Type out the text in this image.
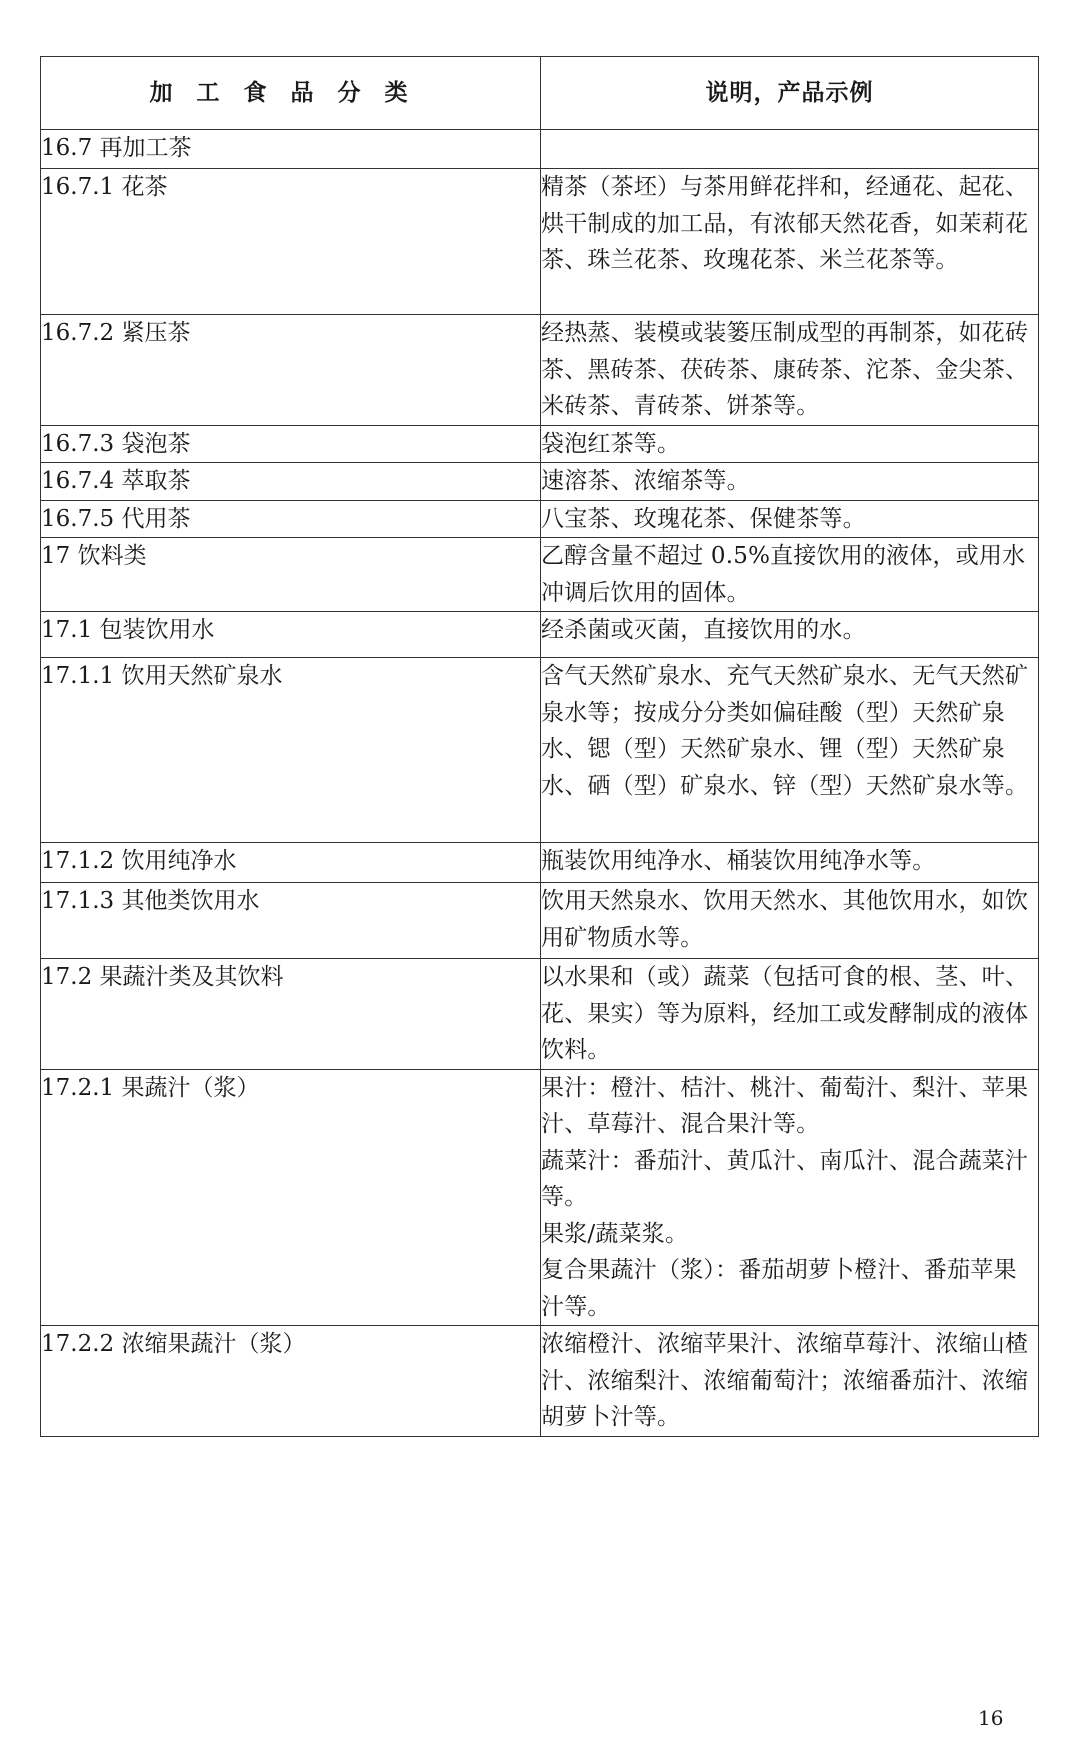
加工食品分类	说明，产品示例
16.7 再加工茶	
16.7.1 花茶	精茶（茶坯）与茶用鲜花拌和，经通花、起花、烘干制成的加工品，有浓郁天然花香，如茉莉花茶、珠兰花茶、玫瑰花茶、米兰花茶等。

16.7.2 紧压茶	经热蒸、装模或装篓压制成型的再制茶，如花砖茶、黑砖茶、茯砖茶、康砖茶、沱茶、金尖茶、米砖茶、青砖茶、饼茶等。

16.7.3 袋泡茶	袋泡红茶等。

16.7.4 萃取茶	速溶茶、浓缩茶等。

16.7.5 代用茶	八宝茶、玫瑰花茶、保健茶等。

17 饮料类	乙醇含量不超过 0.5%直接饮用的液体，或用水冲调后饮用的固体。

17.1 包装饮用水	经杀菌或灭菌，直接饮用的水。

17.1.1 饮用天然矿泉水	含气天然矿泉水、充气天然矿泉水、无气天然矿泉水等；按成分分类如偏硅酸（型）天然矿泉水、锶（型）天然矿泉水、锂（型）天然矿泉水、硒（型）矿泉水、锌（型）天然矿泉水等。

17.1.2 饮用纯净水	瓶装饮用纯净水、桶装饮用纯净水等。

17.1.3 其他类饮用水	饮用天然泉水、饮用天然水、其他饮用水，如饮用矿物质水等。

17.2 果蔬汁类及其饮料	以水果和（或）蔬菜（包括可食的根、茎、叶、花、果实）等为原料，经加工或发酵制成的液体饮料。

17.2.1 果蔬汁（浆）	果汁：橙汁、桔汁、桃汁、葡萄汁、梨汁、苹果汁、草莓汁、混合果汁等。
蔬菜汁：番茄汁、黄瓜汁、南瓜汁、混合蔬菜汁等。
果浆/蔬菜浆。
复合果蔬汁（浆）：番茄胡萝卜橙汁、番茄苹果汁等。

17.2.2 浓缩果蔬汁（浆）	浓缩橙汁、浓缩苹果汁、浓缩草莓汁、浓缩山楂汁、浓缩梨汁、浓缩葡萄汁；浓缩番茄汁、浓缩胡萝卜汁等。
16
